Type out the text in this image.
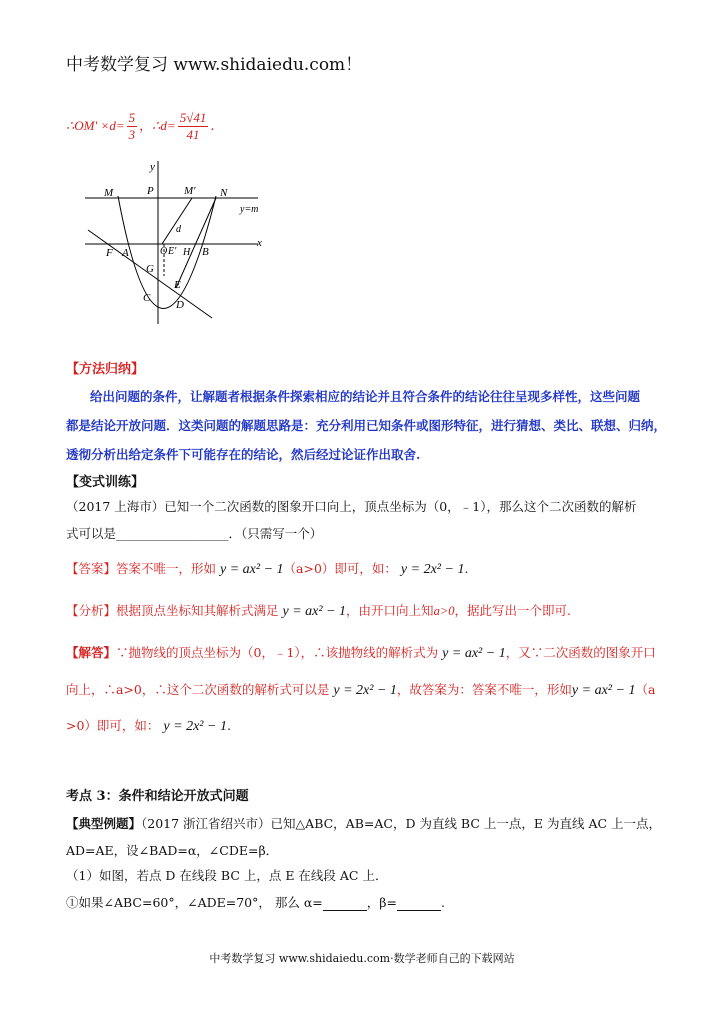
中考数学复习 www.shidaiedu.com！
∴OM′ $\times d= \frac{5}{3}$ ，∴d= $\frac{5√41}{41}$ .
y
M	P	M′ N
y=m
d
x
F A	O E′ H B
G
E
C
D
【方法归纳】
给出问题的条件，让解题者根据条件探索相应的结论并且符合条件的结论往往呈现多样性，这些问题
都是结论开放问题．这类问题的解题思路是：充分利用已知条件或图形特征，进行猜想、类比、联想、归纳，
透彻分析出给定条件下可能存在的结论，然后经过论证作出取舍.
【变式训练】
（2017 上海市）已知一个二次函数的图象开口向上，顶点坐标为（0，﹣1），那么这个二次函数的解析
式可以是__________________．（只需写一个）
【答案】答案不唯一，形如 y = ax² − 1（a>0）即可，如： y = 2x² − 1.
【分析】根据顶点坐标知其解析式满足 y = ax² − 1，由开口向上知a>0，据此写出一个即可.
【解答】∵抛物线的顶点坐标为（0，﹣1），∴该抛物线的解析式为 y = ax² − 1，又∵二次函数的图象开口
向上，∴a>0，∴这个二次函数的解析式可以是 y = 2x² − 1，故答案为：答案不唯一，形如y = ax² − 1（a
>0）即可，如： y = 2x² − 1.
考点 3：条件和结论开放式问题
【典型例题】（2017 浙江省绍兴市）已知△ABC，AB=AC，D 为直线 BC 上一点，E 为直线 AC 上一点，
AD=AE，设∠BAD=α，∠CDE=β．
（1）如图，若点 D 在线段 BC 上，点 E 在线段 AC 上．
①如果∠ABC=60°，∠ADE=70°， 那么 α=	，β=	.
中考数学复习 www.shidaiedu.com·数学老师自己的下载网站
